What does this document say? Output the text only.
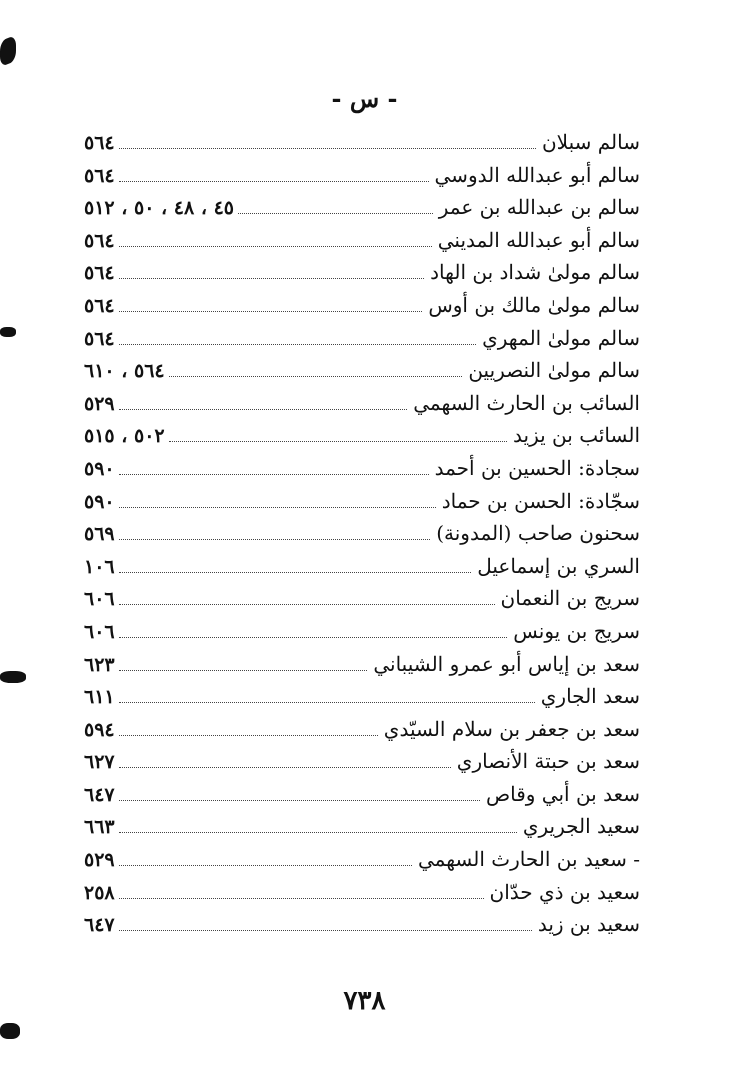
- س -
سالم سبلان
٥٦٤
سالم أبو عبدالله الدوسي
٥٦٤
سالم بن عبدالله بن عمر
٤٥ ، ٤٨ ، ٥٠ ، ٥١٢
سالم أبو عبدالله المديني
٥٦٤
سالم مولىٰ شداد بن الهاد
٥٦٤
سالم مولىٰ مالك بن أوس
٥٦٤
سالم مولىٰ المهري
٥٦٤
سالم مولىٰ النصريين
٥٦٤ ، ٦١٠
السائب بن الحارث السهمي
٥٢٩
السائب بن يزيد
٥٠٢ ، ٥١٥
سجادة: الحسين بن أحمد
٥٩٠
سجّادة: الحسن بن حماد
٥٩٠
سحنون صاحب (المدونة)
٥٦٩
السري بن إسماعيل
١٠٦
سريج بن النعمان
٦٠٦
سريج بن يونس
٦٠٦
سعد بن إياس أبو عمرو الشيباني
٦٢٣
سعد الجاري
٦١١
سعد بن جعفر بن سلام السيّدي
٥٩٤
سعد بن حبتة الأنصاري
٦٢٧
سعد بن أبي وقاص
٦٤٧
سعيد الجريري
٦٦٣
- سعيد بن الحارث السهمي
٥٢٩
سعيد بن ذي حدّان
٢٥٨
سعيد بن زيد
٦٤٧
٧٣٨
